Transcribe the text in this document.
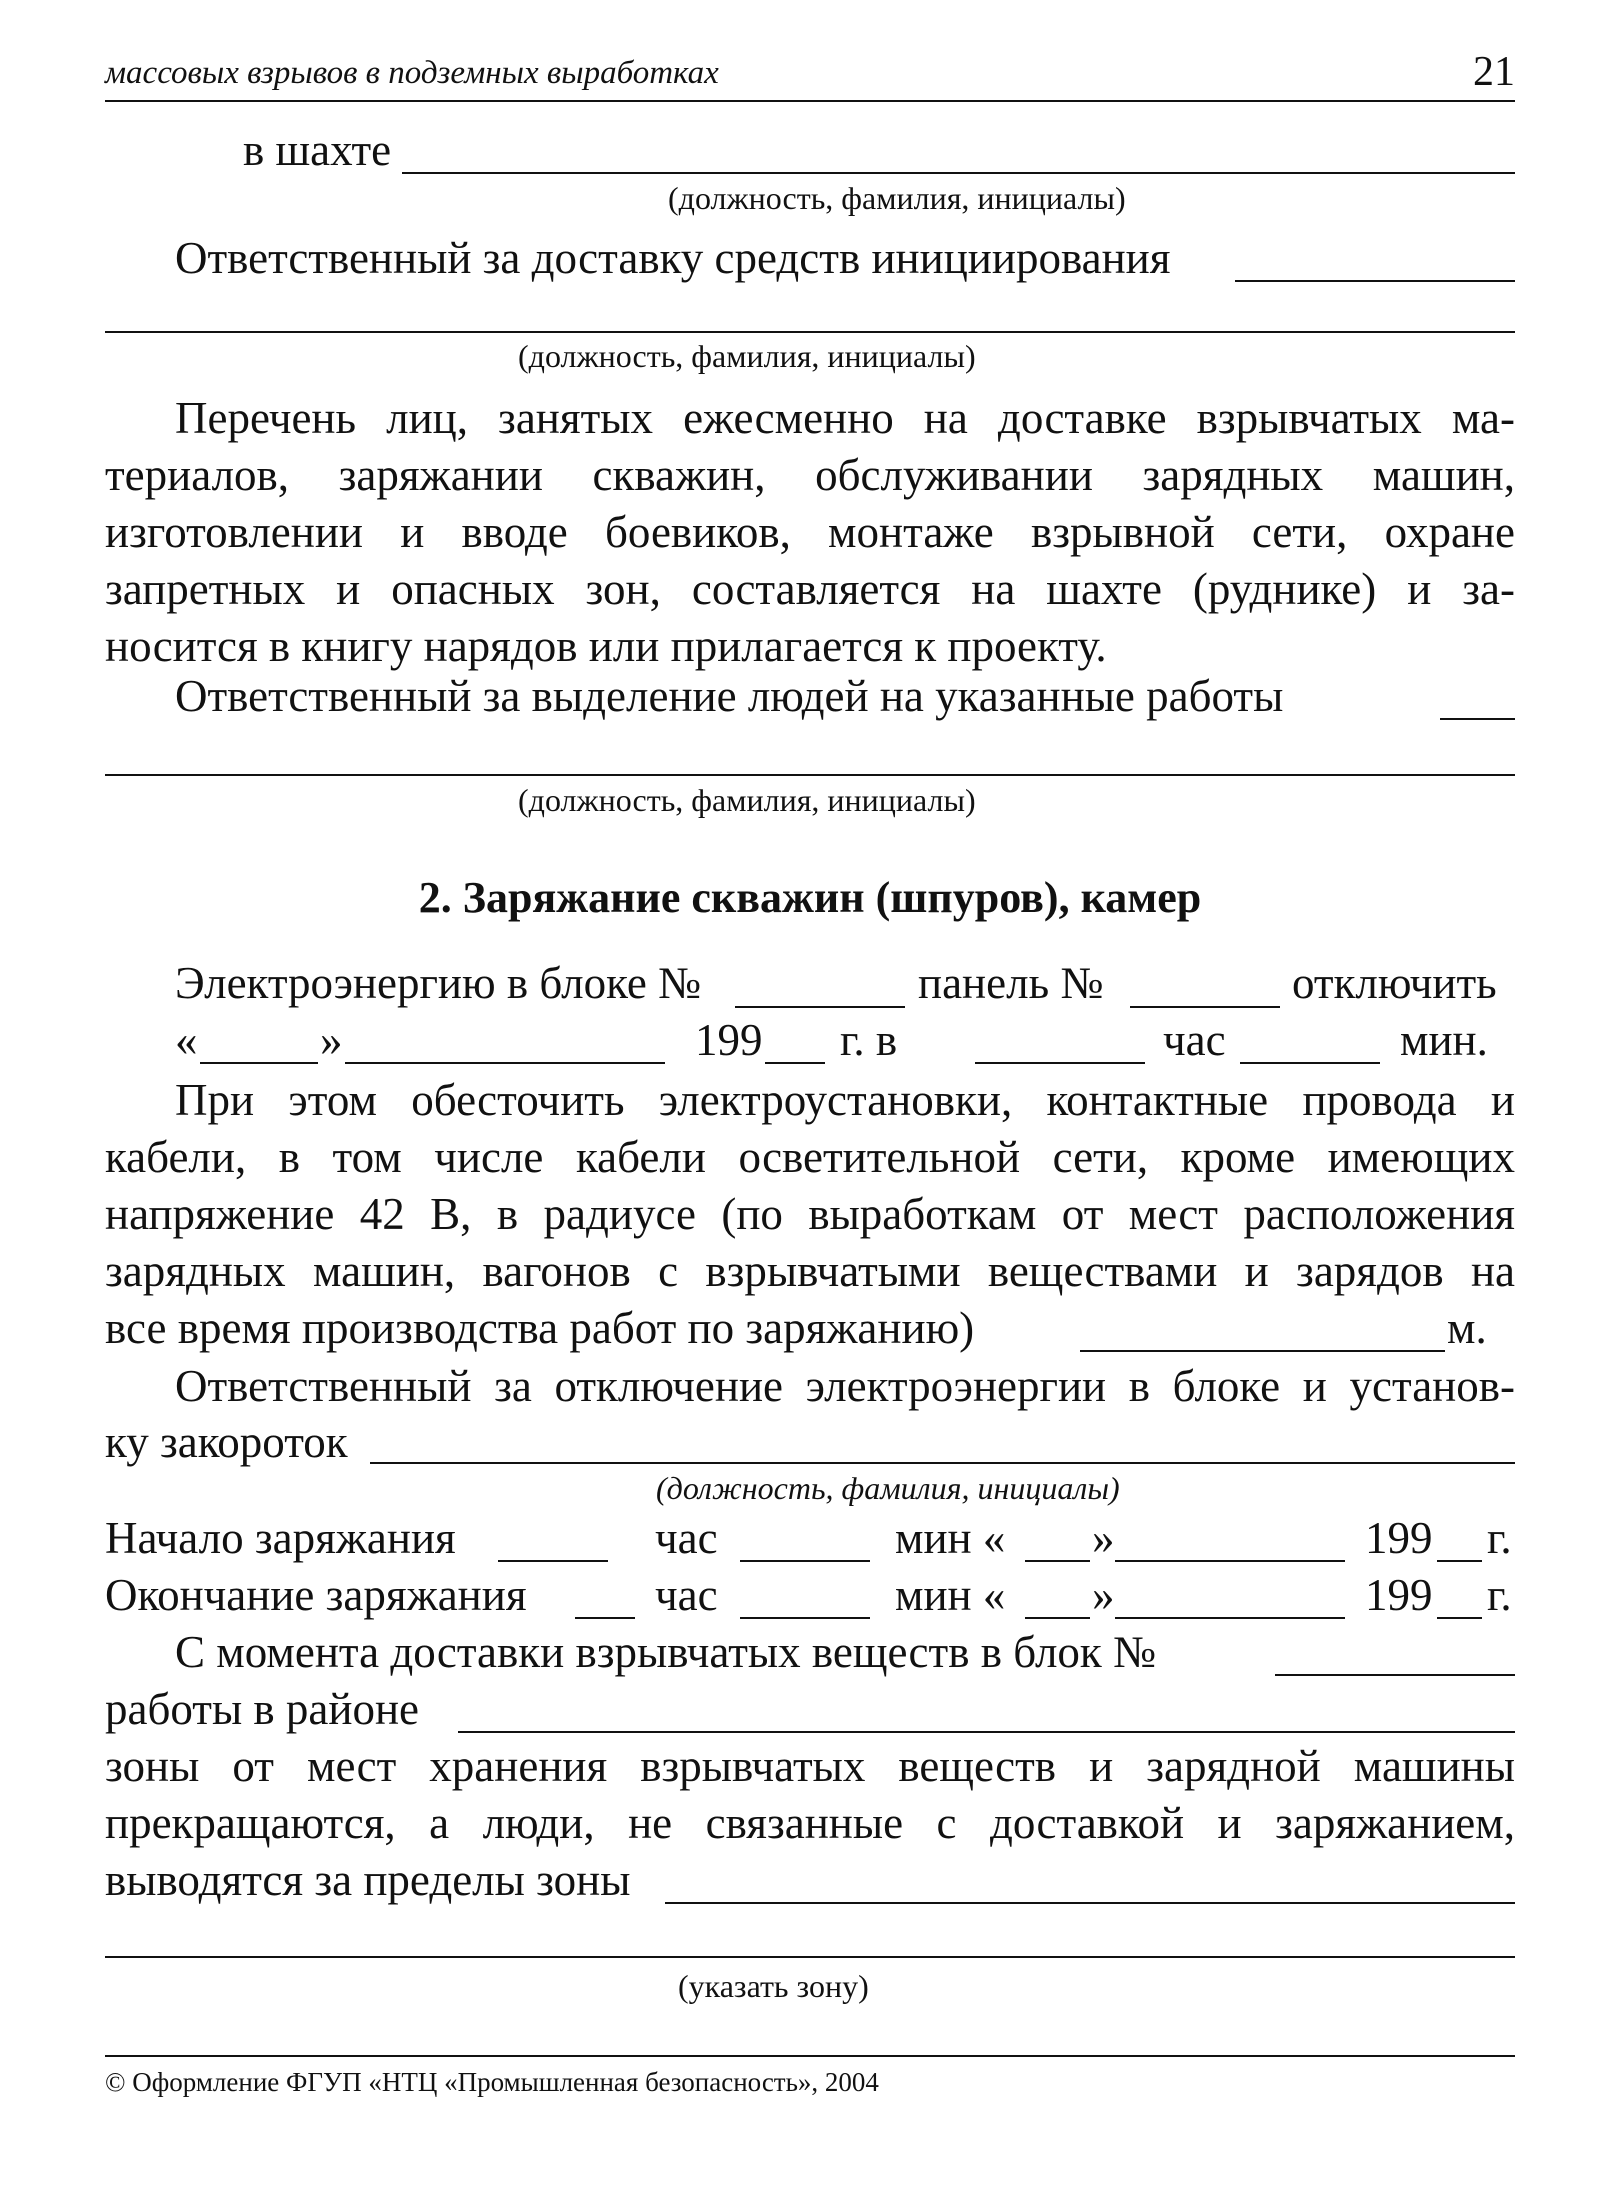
массовых взрывов в подземных выработках	21
в шахте
(должность, фамилия, инициалы)
Ответственный за доставку средств инициирования
(должность, фамилия, инициалы)
Перечень лиц, занятых ежесменно на доставке взрывчатых ма-
териалов, заряжании скважин, обслуживании зарядных машин,
изготовлении и вводе боевиков, монтаже взрывной сети, охране
запретных и опасных зон, составляется на шахте (руднике) и за-
носится в книгу нарядов или прилагается к проекту.
Ответственный за выделение людей на указанные работы
(должность, фамилия, инициалы)
2. Заряжание скважин (шпуров), камер
Электроэнергию в блоке №	панель №	отключить
«	»	199 г. в	час	мин.
При этом обесточить электроустановки, контактные провода и
кабели, в том числе кабели осветительной сети, кроме имеющих
напряжение 42 В, в радиусе (по выработкам от мест расположения
зарядных машин, вагонов с взрывчатыми веществами и зарядов на
все время производства работ по заряжанию)	м.
Ответственный за отключение электроэнергии в блоке и установ-
ку закороток
(должность, фамилия, инициалы)
Начало заряжания	час	мин « »	199 г.
Окончание заряжания	час	мин « »	199 г.
С момента доставки взрывчатых веществ в блок №
работы в районе
зоны от мест хранения взрывчатых веществ и зарядной машины
прекращаются, а люди, не связанные с доставкой и заряжанием,
выводятся за пределы зоны
(указать зону)
© Оформление ФГУП «НТЦ «Промышленная безопасность», 2004
